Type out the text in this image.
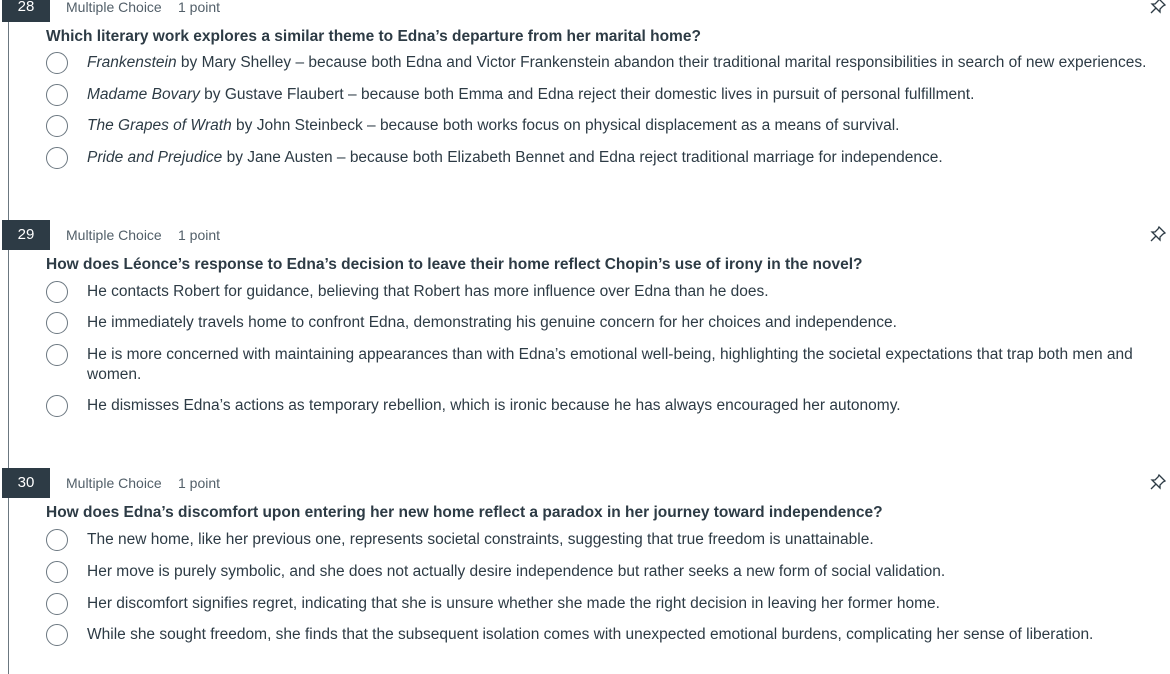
28	Multiple Choice 1 point
Which literary work explores a similar theme to Edna’s departure from her marital home?
Frankenstein by Mary Shelley – because both Edna and Victor Frankenstein abandon their traditional marital responsibilities in search of new experiences.
Madame Bovary by Gustave Flaubert – because both Emma and Edna reject their domestic lives in pursuit of personal fulfillment.
The Grapes of Wrath by John Steinbeck – because both works focus on physical displacement as a means of survival.
Pride and Prejudice by Jane Austen – because both Elizabeth Bennet and Edna reject traditional marriage for independence.
29	Multiple Choice 1 point
How does Léonce’s response to Edna’s decision to leave their home reflect Chopin’s use of irony in the novel?
He contacts Robert for guidance, believing that Robert has more influence over Edna than he does.
He immediately travels home to confront Edna, demonstrating his genuine concern for her choices and independence.
He is more concerned with maintaining appearances than with Edna’s emotional well-being, highlighting the societal expectations that trap both men and women.
He dismisses Edna’s actions as temporary rebellion, which is ironic because he has always encouraged her autonomy.
30	Multiple Choice 1 point
How does Edna’s discomfort upon entering her new home reflect a paradox in her journey toward independence?
The new home, like her previous one, represents societal constraints, suggesting that true freedom is unattainable.
Her move is purely symbolic, and she does not actually desire independence but rather seeks a new form of social validation.
Her discomfort signifies regret, indicating that she is unsure whether she made the right decision in leaving her former home.
While she sought freedom, she finds that the subsequent isolation comes with unexpected emotional burdens, complicating her sense of liberation.
